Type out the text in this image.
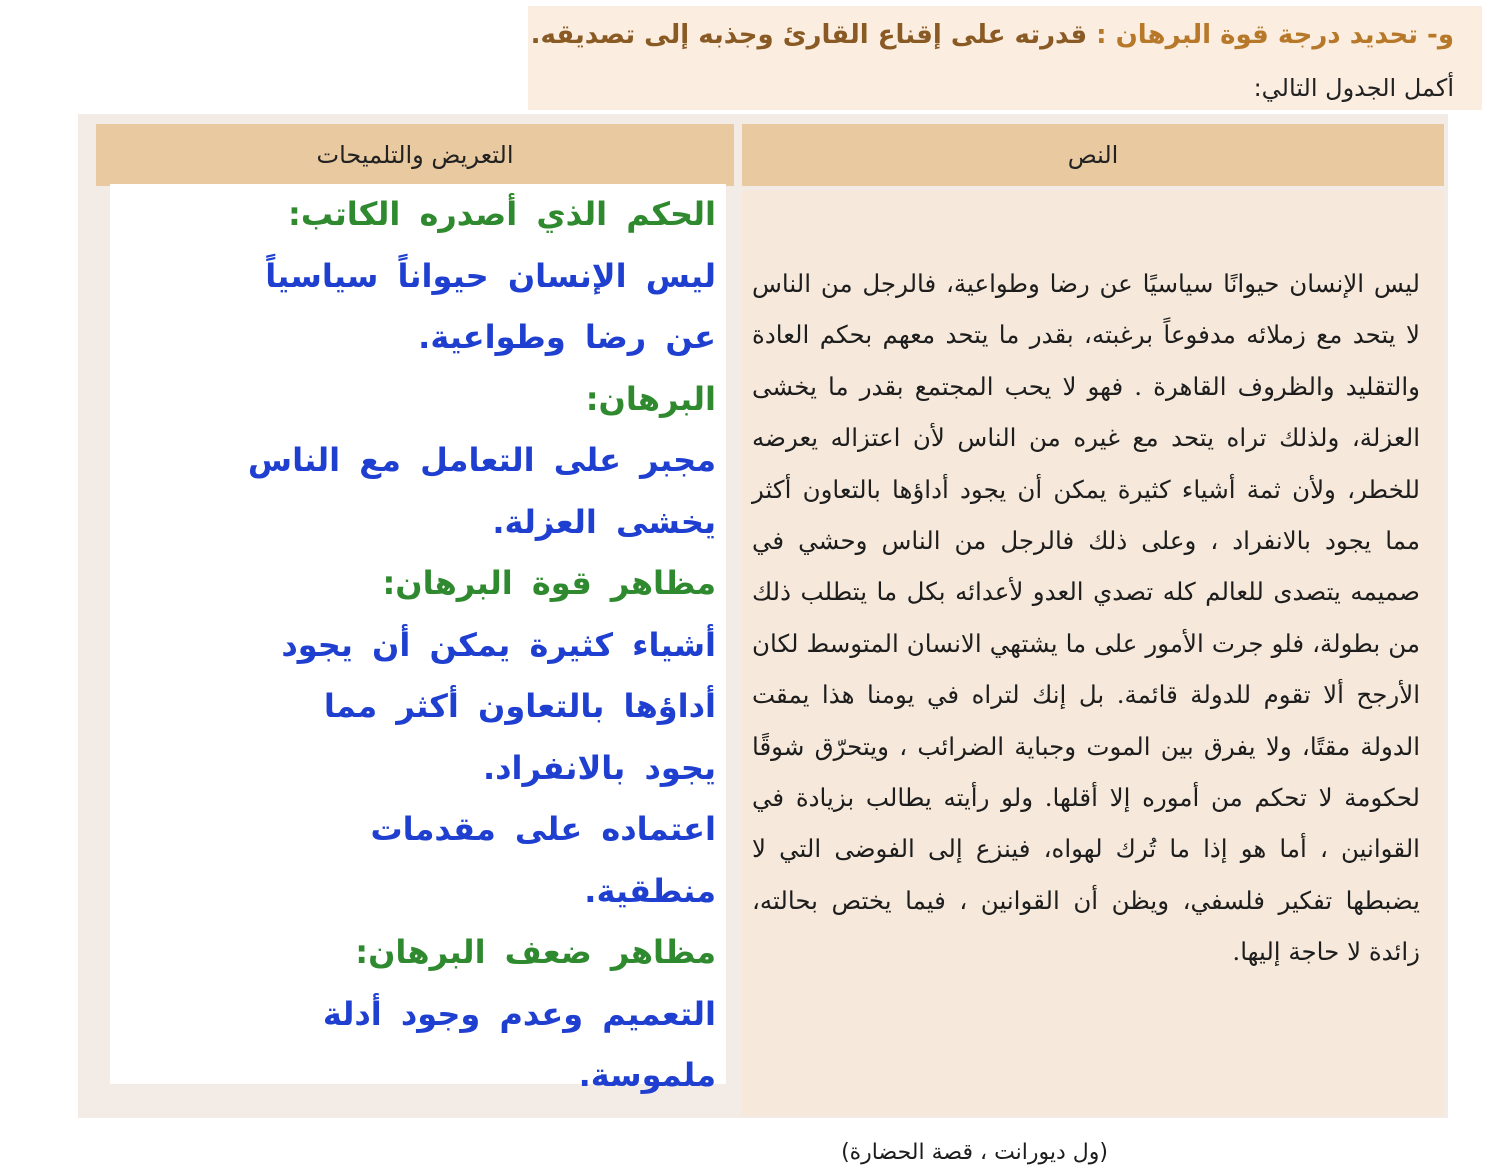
و- تحديد درجة قوة البرهان : قدرته على إقناع القارئ وجذبه إلى تصديقه.
أكمل الجدول التالي:
النص
التعريض والتلميحات
ليس الإنسان حيوانًا سياسيًا عن رضا وطواعية، فالرجل من الناس لا يتحد مع زملائه مدفوعاً برغبته، بقدر ما يتحد معهم بحكم العادة والتقليد والظروف القاهرة . فهو لا يحب المجتمع بقدر ما يخشى العزلة، ولذلك تراه يتحد مع غيره من الناس لأن اعتزاله يعرضه للخطر، ولأن ثمة أشياء كثيرة يمكن أن يجود أداؤها بالتعاون أكثر مما يجود بالانفراد ، وعلى ذلك فالرجل من الناس وحشي في صميمه يتصدى للعالم كله تصدي العدو لأعدائه بكل ما يتطلب ذلك من بطولة، فلو جرت الأمور على ما يشتهي الانسان المتوسط لكان الأرجح ألا تقوم للدولة قائمة. بل إنك لتراه في يومنا هذا يمقت الدولة مقتًا، ولا يفرق بين الموت وجباية الضرائب ، ويتحرّق شوقًا لحكومة لا تحكم من أموره إلا أقلها. ولو رأيته يطالب بزيادة في القوانين ، أما هو إذا ما تُرك لهواه، فينزع إلى الفوضى التي لا يضبطها تفكير فلسفي، ويظن أن القوانين ، فيما يختص بحالته، زائدة لا حاجة إليها.
(ول ديورانت ، قصة الحضارة)
الحكم الذي أصدره الكاتب:
ليس الإنسان حيواناً سياسياً
عن رضا وطواعية.
البرهان:
مجبر على التعامل مع الناس
يخشى العزلة.
مظاهر قوة البرهان:
أشياء كثيرة يمكن أن يجود
أداؤها بالتعاون أكثر مما
يجود بالانفراد.
اعتماده على مقدمات
منطقية.
مظاهر ضعف البرهان:
التعميم وعدم وجود أدلة
ملموسة.
